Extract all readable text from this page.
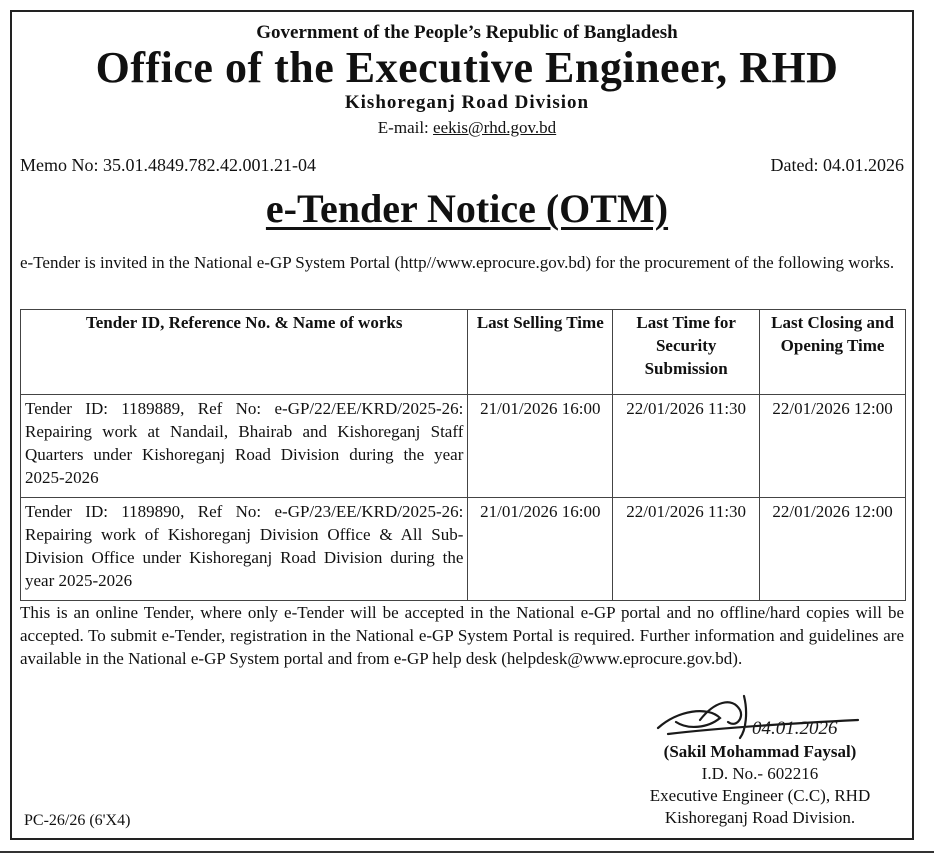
Government of the People’s Republic of Bangladesh
Office of the Executive Engineer, RHD
Kishoreganj Road Division
E-mail: eekis@rhd.gov.bd
Memo No: 35.01.4849.782.42.001.21-04	Dated: 04.01.2026
e-Tender Notice (OTM)
e-Tender is invited in the National e-GP System Portal (http//www.eprocure.gov.bd) for the procurement of the following works.
Tender ID, Reference No. & Name of works	Last Selling Time	Last Time for Security Submission	Last Closing and Opening Time
Tender ID: 1189889, Ref No: e-GP/22/EE/KRD/2025-26: Repairing work at Nandail, Bhairab and Kishoreganj Staff Quarters under Kishoreganj Road Division during the year 2025-2026	21/01/2026 16:00	22/01/2026 11:30	22/01/2026 12:00
Tender ID: 1189890, Ref No: e-GP/23/EE/KRD/2025-26: Repairing work of Kishoreganj Division Office & All Sub-Division Office under Kishoreganj Road Division during the year 2025-2026	21/01/2026 16:00	22/01/2026 11:30	22/01/2026 12:00
This is an online Tender, where only e-Tender will be accepted in the National e-GP portal and no offline/hard copies will be accepted. To submit e-Tender, registration in the National e-GP System Portal is required. Further information and guidelines are available in the National e-GP System portal and from e-GP help desk (helpdesk@www.eprocure.gov.bd).
04.01.2026
(Sakil Mohammad Faysal)
I.D. No.- 602216
Executive Engineer (C.C), RHD
Kishoreganj Road Division.
PC-26/26 (6'X4)
